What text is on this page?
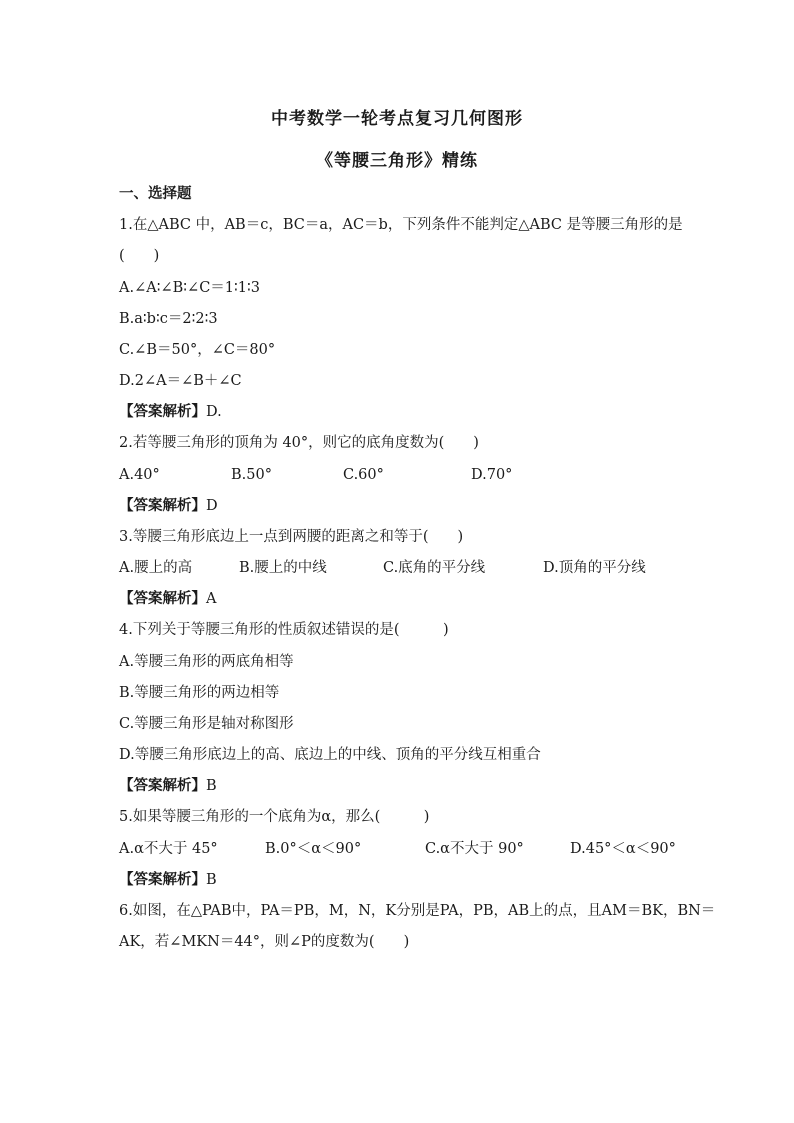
中考数学一轮考点复习几何图形
《等腰三角形》精练
一、选择题
1.在△ABC 中，AB＝c，BC＝a，AC＝b，下列条件不能判定△ABC 是等腰三角形的是
(　　)
A.∠A∶∠B∶∠C＝1∶1∶3
B.a∶b∶c＝2∶2∶3
C.∠B＝50°，∠C＝80°
D.2∠A＝∠B＋∠C
【答案解析】D.
2.若等腰三角形的顶角为 40°，则它的底角度数为(　　)
A.40°	B.50°	C.60°	D.70°
【答案解析】D
3.等腰三角形底边上一点到两腰的距离之和等于(　　)
A.腰上的高	B.腰上的中线	C.底角的平分线	D.顶角的平分线
【答案解析】A
4.下列关于等腰三角形的性质叙述错误的是(　　　)
A.等腰三角形的两底角相等
B.等腰三角形的两边相等
C.等腰三角形是轴对称图形
D.等腰三角形底边上的高、底边上的中线、顶角的平分线互相重合
【答案解析】B
5.如果等腰三角形的一个底角为α，那么(　　　)
A.α不大于 45°	B.0°＜α＜90°	C.α不大于 90°	D.45°＜α＜90°
【答案解析】B
6.如图，在△PAB中，PA＝PB，M，N，K分别是PA，PB，AB上的点，且AM＝BK，BN＝
AK，若∠MKN＝44°，则∠P的度数为(　　)
